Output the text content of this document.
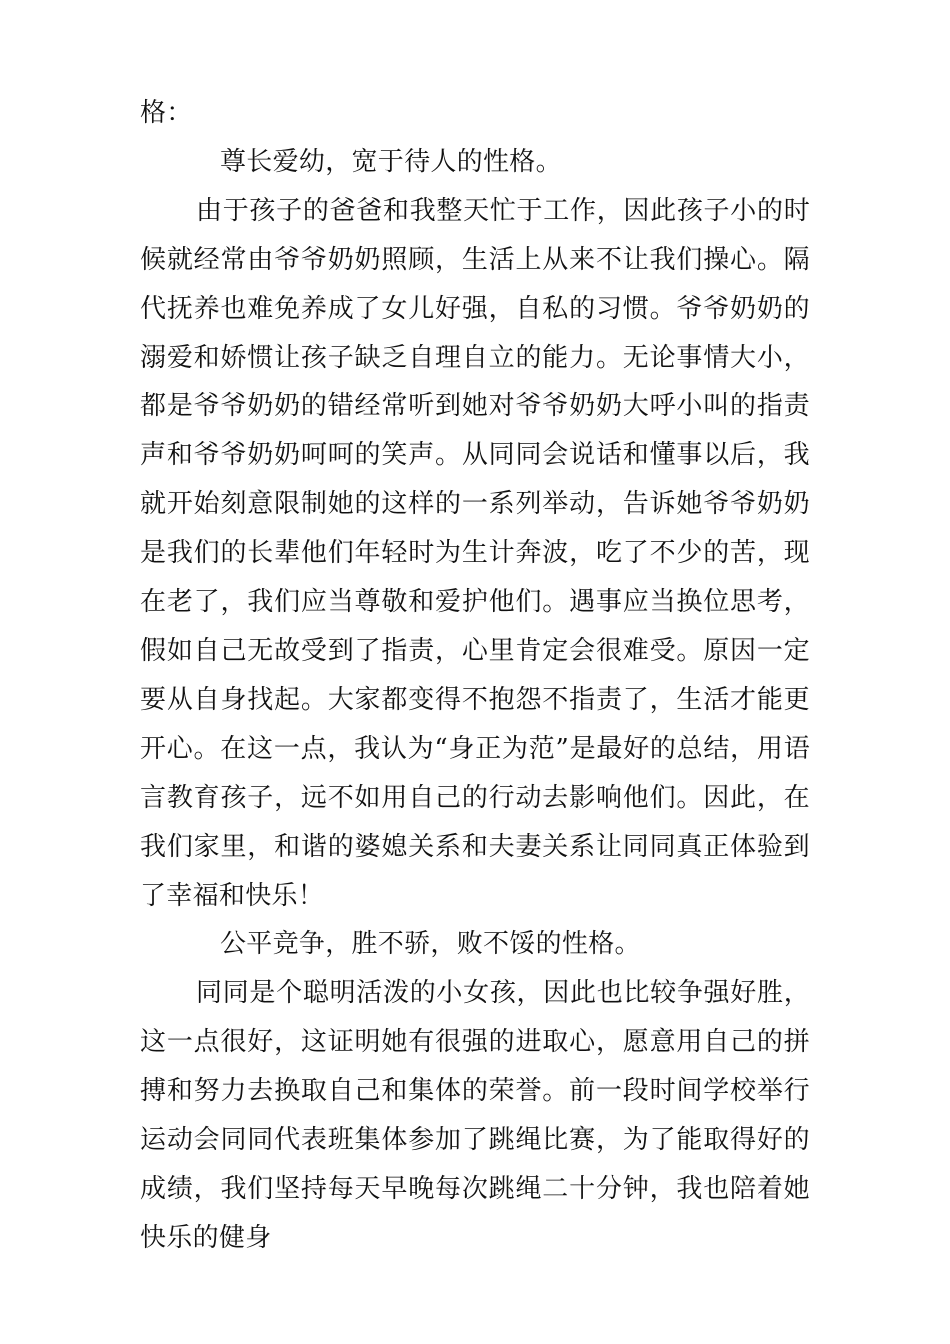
格：

尊长爱幼，宽于待人的性格。

由于孩子的爸爸和我整天忙于工作，因此孩子小的时候就经常由爷爷奶奶照顾，生活上从来不让我们操心。隔代抚养也难免养成了女儿好强，自私的习惯。爷爷奶奶的溺爱和娇惯让孩子缺乏自理自立的能力。无论事情大小，都是爷爷奶奶的错经常听到她对爷爷奶奶大呼小叫的指责声和爷爷奶奶呵呵的笑声。从同同会说话和懂事以后，我就开始刻意限制她的这样的一系列举动，告诉她爷爷奶奶是我们的长辈他们年轻时为生计奔波，吃了不少的苦，现在老了，我们应当尊敬和爱护他们。遇事应当换位思考，假如自己无故受到了指责，心里肯定会很难受。原因一定要从自身找起。大家都变得不抱怨不指责了，生活才能更开心。在这一点，我认为“身正为范”是最好的总结，用语言教育孩子，远不如用自己的行动去影响他们。因此，在我们家里，和谐的婆媳关系和夫妻关系让同同真正体验到了幸福和快乐！

公平竞争，胜不骄，败不馁的性格。

同同是个聪明活泼的小女孩，因此也比较争强好胜，这一点很好，这证明她有很强的进取心，愿意用自己的拼搏和努力去换取自己和集体的荣誉。前一段时间学校举行运动会同同代表班集体参加了跳绳比赛，为了能取得好的成绩，我们坚持每天早晚每次跳绳二十分钟，我也陪着她快乐的健身
